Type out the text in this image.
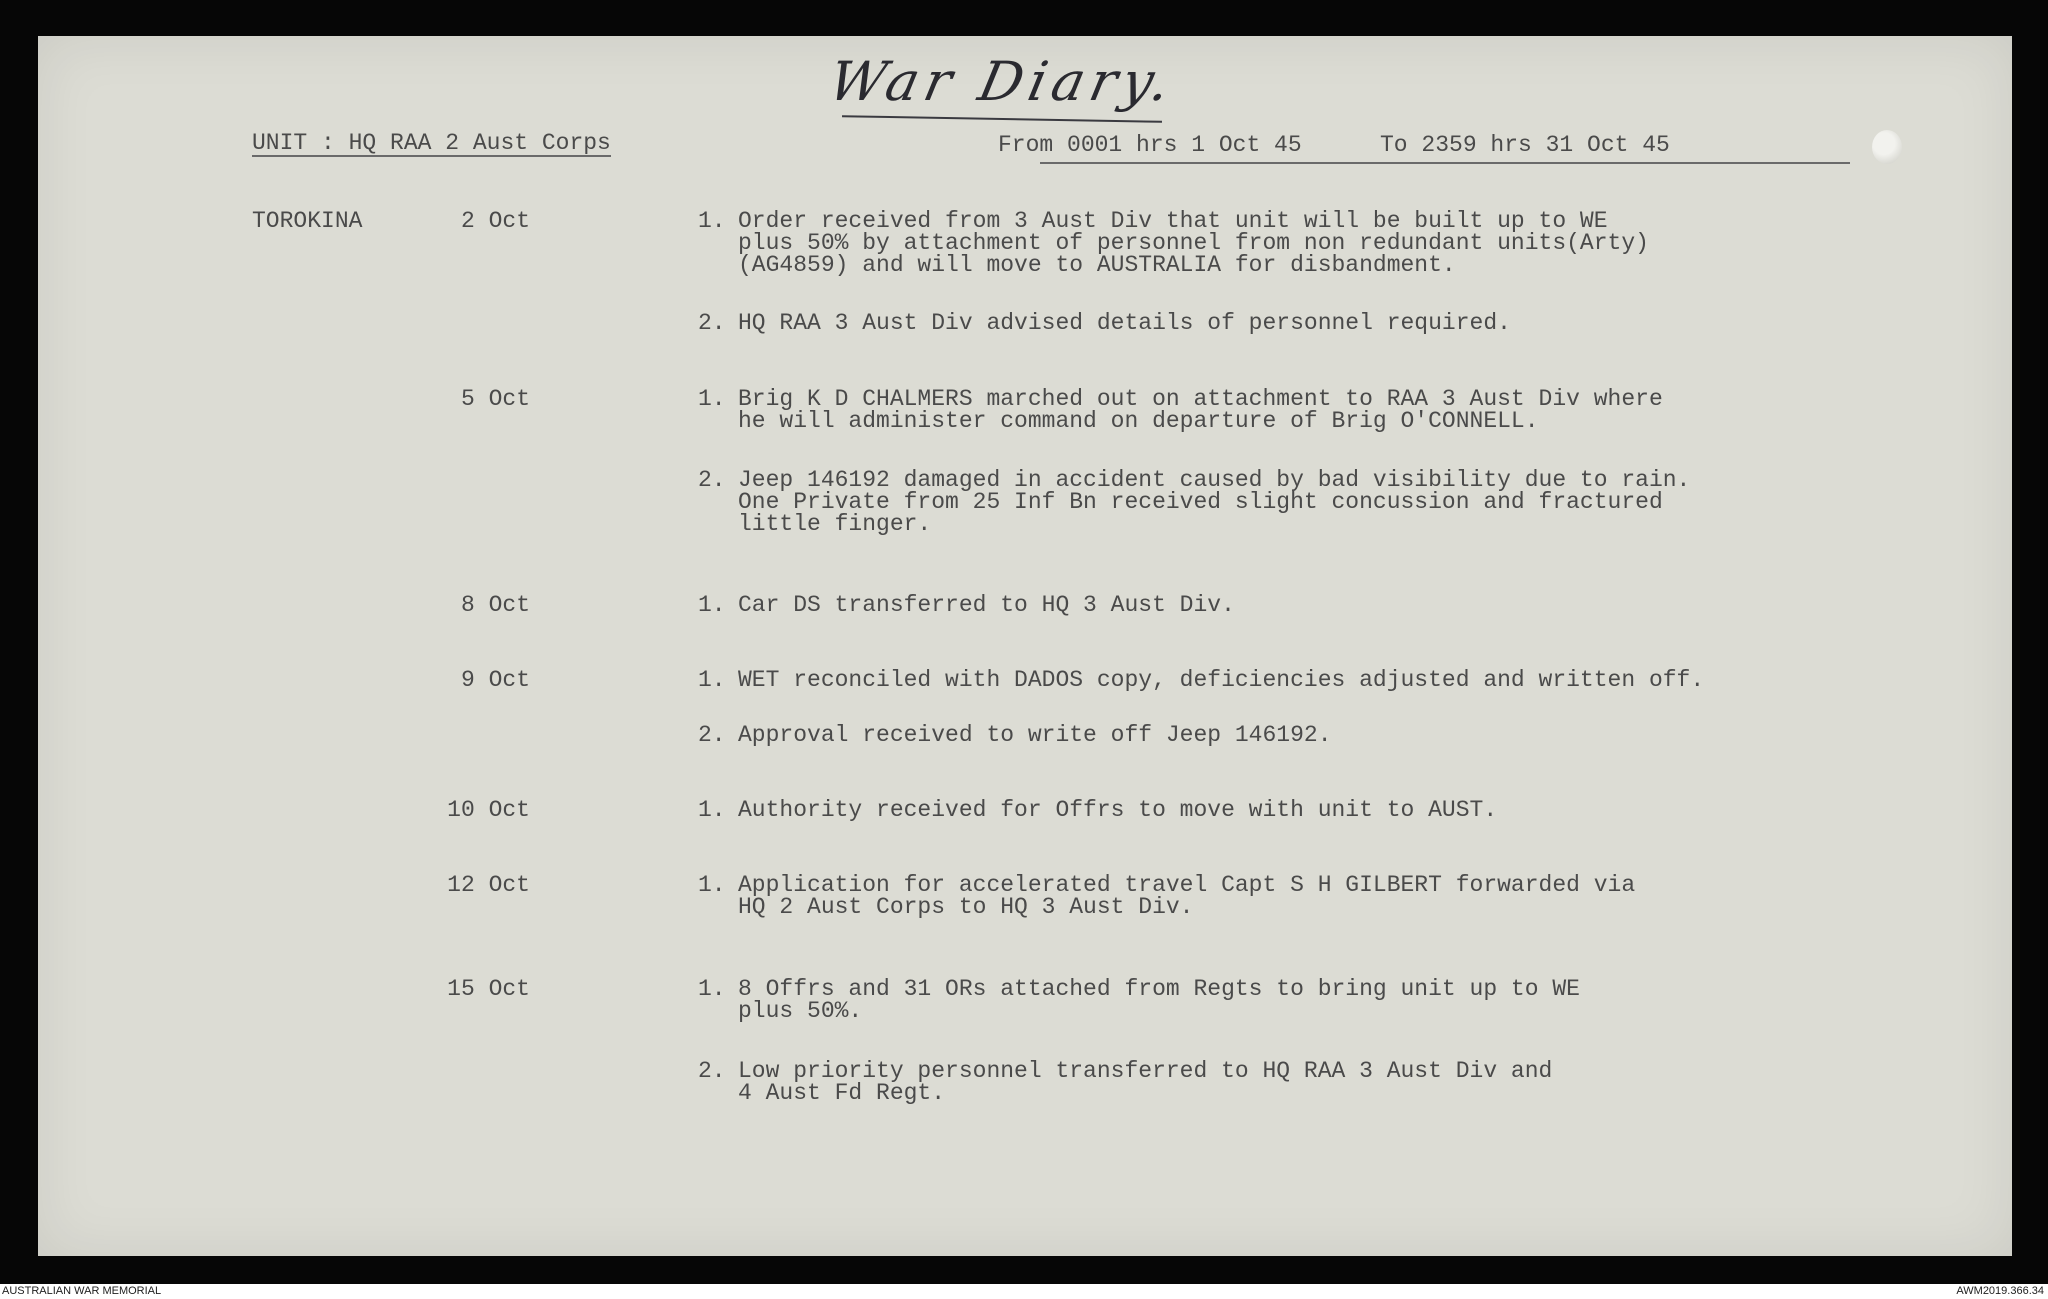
War Diary.
UNIT : HQ RAA 2 Aust Corps	From 0001 hrs 1 Oct 45	To 2359 hrs 31 Oct 45
TOROKINA	2 Oct	1. Order received from 3 Aust Div that unit will be built up to WE
plus 50% by attachment of personnel from non redundant units(Arty)
(AG4859) and will move to AUSTRALIA for disbandment.
2. HQ RAA 3 Aust Div advised details of personnel required.
5 Oct	1. Brig K D CHALMERS marched out on attachment to RAA 3 Aust Div where
he will administer command on departure of Brig O'CONNELL.
2. Jeep 146192 damaged in accident caused by bad visibility due to rain.
One Private from 25 Inf Bn received slight concussion and fractured
little finger.
8 Oct	1. Car DS transferred to HQ 3 Aust Div.
9 Oct	1. WET reconciled with DADOS copy, deficiencies adjusted and written off.
2. Approval received to write off Jeep 146192.
10 Oct	1. Authority received for Offrs to move with unit to AUST.
12 Oct	1. Application for accelerated travel Capt S H GILBERT forwarded via
HQ 2 Aust Corps to HQ 3 Aust Div.
15 Oct	1. 8 Offrs and 31 ORs attached from Regts to bring unit up to WE
plus 50%.
2. Low priority personnel transferred to HQ RAA 3 Aust Div and
4 Aust Fd Regt.
AUSTRALIAN WAR MEMORIAL	AWM2019.366.34
